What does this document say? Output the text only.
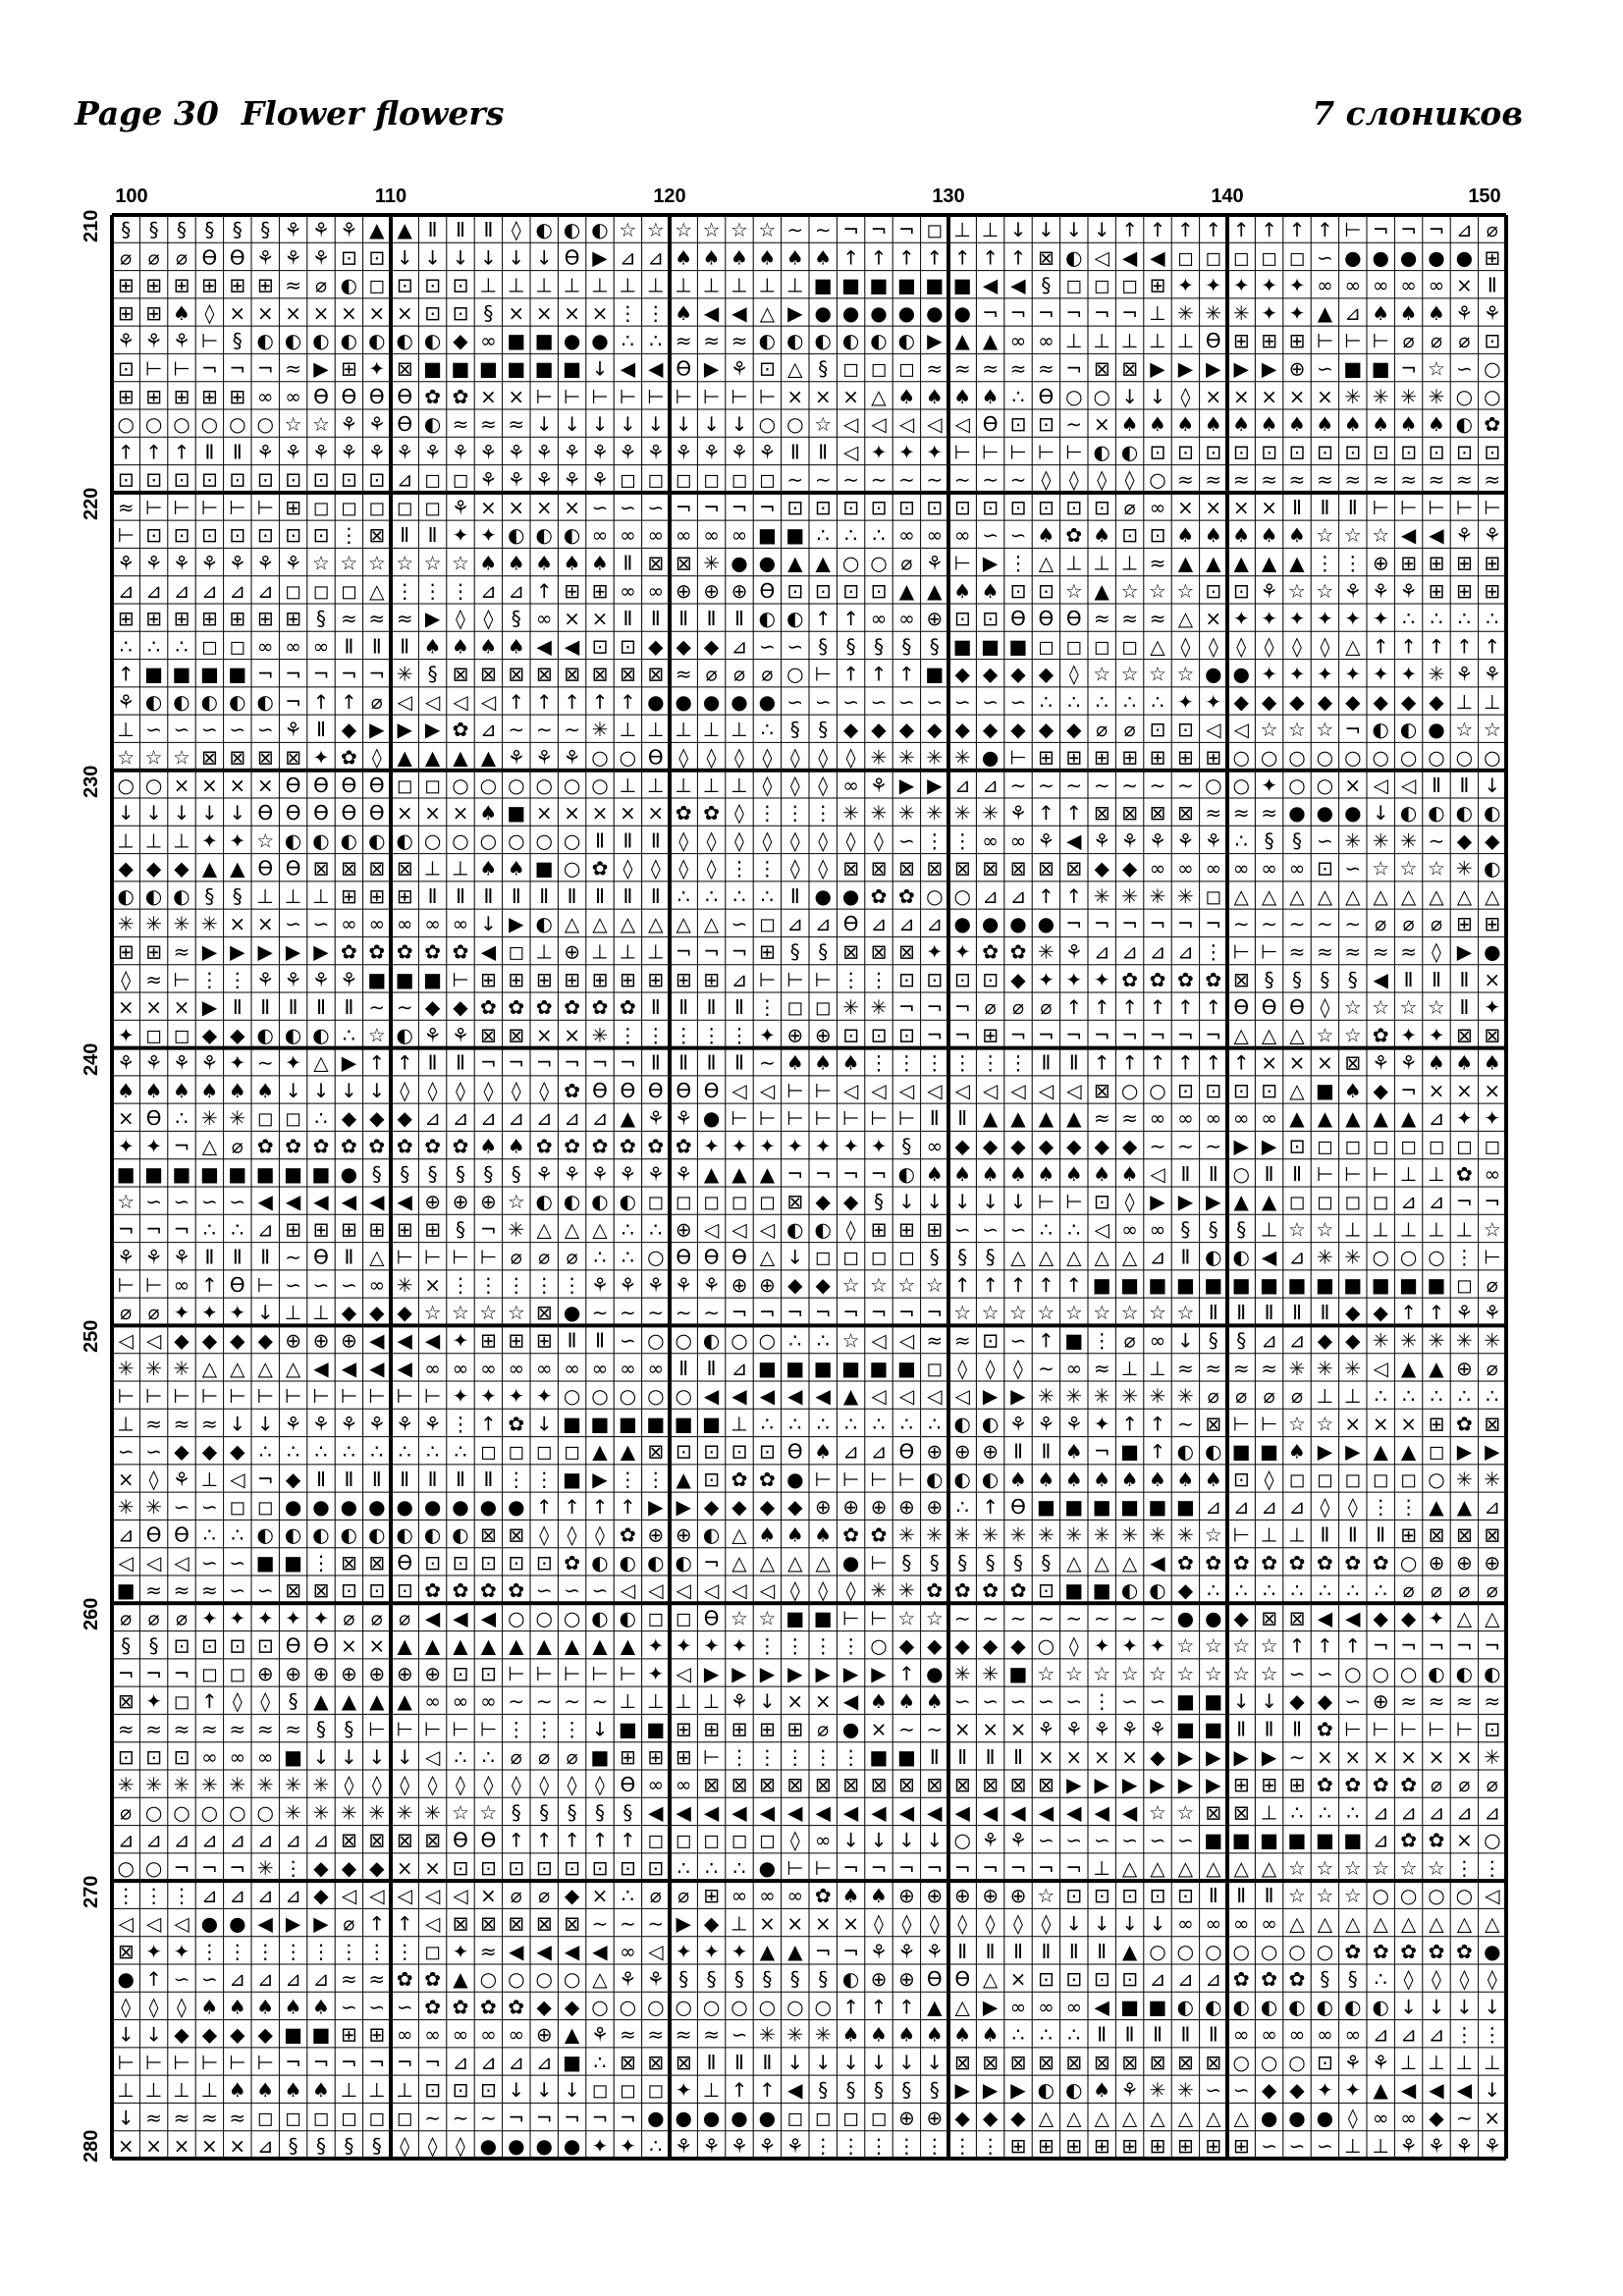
Page 30  Flower flowers	7 слоников
100	110	120	130	140	150
210
220
230
240
250
260
270
280
§ § § § § § ⚘ ⚘ ⚘ ▲ ▲ Ⅱ Ⅱ Ⅱ ◊ ◐ ◐ ◐ ☆ ☆ ☆ ☆ ☆ ☆ ∼ ∼ ¬ ¬ ¬ ◻ ⊥ ⊥ ↓ ↓ ↓ ↓ ↑ ↑ ↑ ↑ ↑ ↑ ↑ ↑ ⊢ ¬ ¬ ¬ ⊿ ⌀
⌀ ⌀ ⌀ Ɵ Ɵ ⚘ ⚘ ⚘ ⊡ ⊡ ↓ ↓ ↓ ↓ ↓ ↓ Ɵ ▶ ⊿ ⊿ ♠ ♠ ♠ ♠ ♠ ♠ ↑ ↑ ↑ ↑ ↑ ↑ ↑ ⊠ ◐ ◁ ◀ ◀ ◻ ◻ ◻ ◻ ◻ ∽ ● ● ● ● ● ⊞
⊞ ⊞ ⊞ ⊞ ⊞ ⊞ ≈ ⌀ ◐ ◻ ⊡ ⊡ ⊡ ⊥ ⊥ ⊥ ⊥ ⊥ ⊥ ⊥ ⊥ ⊥ ⊥ ⊥ ⊥ ■ ■ ■ ■ ■ ■ ◀ ◀ § ◻ ◻ ◻ ⊞ ✦ ✦ ✦ ✦ ✦ ∞ ∞ ∞ ∞ ∞ × Ⅱ
⊞ ⊞ ♠ ◊ × × × × × × × ⊡ ⊡ § × × × × ⋮ ⋮ ♠ ◀ ◀ △ ▶ ● ● ● ● ● ● ¬ ¬ ¬ ¬ ¬ ¬ ⊥ ✳ ✳ ✳ ✦ ✦ ▲ ⊿ ♠ ♠ ♠ ⚘ ⚘
⚘ ⚘ ⚘ ⊢ § ◐ ◐ ◐ ◐ ◐ ◐ ◐ ◆ ∞ ■ ■ ● ● ∴ ∴ ≈ ≈ ≈ ◐ ◐ ◐ ◐ ◐ ◐ ▶ ▲ ▲ ∞ ∞ ⊥ ⊥ ⊥ ⊥ ⊥ Ɵ ⊞ ⊞ ⊞ ⊢ ⊢ ⊢ ⌀ ⌀ ⌀ ⊡
⊡ ⊢ ⊢ ¬ ¬ ¬ ≈ ▶ ⊞ ✦ ⊠ ■ ■ ■ ■ ■ ■ ↓ ◀ ◀ Ɵ ▶ ⚘ ⊡ △ § ◻ ◻ ◻ ≈ ≈ ≈ ≈ ≈ ¬ ⊠ ⊠ ▶ ▶ ▶ ▶ ▶ ⊕ ∽ ■ ■ ¬ ☆ ∽ ○
⊞ ⊞ ⊞ ⊞ ⊞ ∞ ∞ Ɵ Ɵ Ɵ Ɵ ✿ ✿ × × ⊢ ⊢ ⊢ ⊢ ⊢ ⊢ ⊢ ⊢ ⊢ × × × △ ♠ ♠ ♠ ♠ ∴ Ɵ ○ ○ ↓ ↓ ◊ × × × × × ✳ ✳ ✳ ✳ ○ ○
○ ○ ○ ○ ○ ○ ☆ ☆ ⚘ ⚘ Ɵ ◐ ≈ ≈ ≈ ↓ ↓ ↓ ↓ ↓ ↓ ↓ ↓ ○ ○ ☆ ◁ ◁ ◁ ◁ ◁ Ɵ ⊡ ⊡ ∼ × ♠ ♠ ♠ ♠ ♠ ♠ ♠ ♠ ♠ ♠ ♠ ♠ ◐ ✿
↑ ↑ ↑ Ⅱ Ⅱ ⚘ ⚘ ⚘ ⚘ ⚘ ⚘ ⚘ ⚘ ⚘ ⚘ ⚘ ⚘ ⚘ ⚘ ⚘ ⚘ ⚘ ⚘ ⚘ Ⅱ Ⅱ ◁ ✦ ✦ ✦ ⊢ ⊢ ⊢ ⊢ ⊢ ◐ ◐ ⊡ ⊡ ⊡ ⊡ ⊡ ⊡ ⊡ ⊡ ⊡ ⊡ ⊡ ⊡ ⊡
⊡ ⊡ ⊡ ⊡ ⊡ ⊡ ⊡ ⊡ ⊡ ⊡ ⊿ ◻ ◻ ⚘ ⚘ ⚘ ⚘ ⚘ ◻ ◻ ◻ ◻ ◻ ◻ ∼ ∼ ∼ ∼ ∼ ∼ ∼ ∼ ∼ ◊ ◊ ◊ ◊ ○ ≈ ≈ ≈ ≈ ≈ ≈ ≈ ≈ ≈ ≈ ≈ ≈
≈ ⊢ ⊢ ⊢ ⊢ ⊢ ⊞ ◻ ◻ ◻ ◻ ◻ ⚘ × × × × ∽ ∽ ∽ ¬ ¬ ¬ ¬ ⊡ ⊡ ⊡ ⊡ ⊡ ⊡ ⊡ ⊡ ⊡ ⊡ ⊡ ⊡ ⌀ ∞ × × × × Ⅱ Ⅱ Ⅱ ⊢ ⊢ ⊢ ⊢ ⊢
⊢ ⊡ ⊡ ⊡ ⊡ ⊡ ⊡ ⊡ ⋮ ⊠ Ⅱ Ⅱ ✦ ✦ ◐ ◐ ◐ ∞ ∞ ∞ ∞ ∞ ∞ ■ ■ ∴ ∴ ∴ ∞ ∞ ∞ ∽ ∽ ♠ ✿ ♠ ⊡ ⊡ ♠ ♠ ♠ ♠ ♠ ☆ ☆ ☆ ◀ ◀ ⚘ ⚘
⚘ ⚘ ⚘ ⚘ ⚘ ⚘ ⚘ ☆ ☆ ☆ ☆ ☆ ☆ ♠ ♠ ♠ ♠ ♠ Ⅱ ⊠ ⊠ ✳ ● ● ▲ ▲ ○ ○ ⌀ ⚘ ⊢ ▶ ⋮ △ ⊥ ⊥ ⊥ ≈ ▲ ▲ ▲ ▲ ▲ ⋮ ⋮ ⊕ ⊞ ⊞ ⊞ ⊞
⊿ ⊿ ⊿ ⊿ ⊿ ⊿ ◻ ◻ ◻ △ ⋮ ⋮ ⋮ ⊿ ⊿ ↑ ⊞ ⊞ ∞ ∞ ⊕ ⊕ ⊕ Ɵ ⊡ ⊡ ⊡ ⊡ ▲ ▲ ♠ ♠ ⊡ ⊡ ☆ ▲ ☆ ☆ ☆ ⊡ ⊡ ⚘ ☆ ☆ ⚘ ⚘ ⚘ ⊞ ⊞ ⊞
⊞ ⊞ ⊞ ⊞ ⊞ ⊞ ⊞ § ≈ ≈ ≈ ▶ ◊ ◊ § ∞ × × Ⅱ Ⅱ Ⅱ Ⅱ Ⅱ ◐ ◐ ↑ ↑ ∞ ∞ ⊕ ⊡ ⊡ Ɵ Ɵ Ɵ ≈ ≈ ≈ △ × ✦ ✦ ✦ ✦ ✦ ✦ ∴ ∴ ∴ ∴
∴ ∴ ∴ ◻ ◻ ∞ ∞ ∞ Ⅱ Ⅱ Ⅱ ♠ ♠ ♠ ♠ ◀ ◀ ⊡ ⊡ ◆ ◆ ◆ ⊿ ∽ ∽ § § § § § ■ ■ ■ ◻ ◻ ◻ ◻ △ ◊ ◊ ◊ ◊ ◊ ◊ △ ↑ ↑ ↑ ↑ ↑
↑ ■ ■ ■ ■ ¬ ¬ ¬ ¬ ¬ ✳ § ⊠ ⊠ ⊠ ⊠ ⊠ ⊠ ⊠ ⊠ ≈ ⌀ ⌀ ⌀ ○ ⊢ ↑ ↑ ↑ ■ ◆ ◆ ◆ ◆ ◊ ☆ ☆ ☆ ☆ ● ● ✦ ✦ ✦ ✦ ✦ ✦ ✳ ⚘ ⚘
⚘ ◐ ◐ ◐ ◐ ◐ ¬ ↑ ↑ ⌀ ◁ ◁ ◁ ◁ ↑ ↑ ↑ ↑ ↑ ● ● ● ● ● ∽ ∽ ∽ ∽ ∽ ∽ ∽ ∽ ∽ ∴ ∴ ∴ ∴ ∴ ✦ ✦ ◆ ◆ ◆ ◆ ◆ ◆ ◆ ◆ ⊥ ⊥
⊥ ∽ ∽ ∽ ∽ ∽ ⚘ Ⅱ ◆ ▶ ▶ ▶ ✿ ⊿ ∼ ∼ ∼ ✳ ⊥ ⊥ ⊥ ⊥ ⊥ ∴ § § ◆ ◆ ◆ ◆ ◆ ◆ ◆ ◆ ◆ ⌀ ⌀ ⊡ ⊡ ◁ ◁ ☆ ☆ ☆ ¬ ◐ ◐ ● ☆ ☆
☆ ☆ ☆ ⊠ ⊠ ⊠ ⊠ ✦ ✿ ◊ ▲ ▲ ▲ ▲ ⚘ ⚘ ⚘ ○ ○ Ɵ ◊ ◊ ◊ ◊ ◊ ◊ ◊ ✳ ✳ ✳ ✳ ● ⊢ ⊞ ⊞ ⊞ ⊞ ⊞ ⊞ ⊞ ○ ○ ○ ○ ○ ○ ○ ○ ○ ○
○ ○ × × × × Ɵ Ɵ Ɵ Ɵ ◻ ◻ ○ ○ ○ ○ ○ ○ ⊥ ⊥ ⊥ ⊥ ⊥ ◊ ◊ ◊ ∞ ⚘ ▶ ▶ ⊿ ⊿ ∼ ∼ ∼ ∼ ∼ ∼ ∼ ○ ○ ✦ ○ ○ × ◁ ◁ Ⅱ Ⅱ ↓
↓ ↓ ↓ ↓ ↓ Ɵ Ɵ Ɵ Ɵ Ɵ × × × ♠ ■ × × × × × ✿ ✿ ◊ ⋮ ⋮ ⋮ ✳ ✳ ✳ ✳ ✳ ✳ ⚘ ↑ ↑ ⊠ ⊠ ⊠ ⊠ ≈ ≈ ≈ ● ● ● ↓ ◐ ◐ ◐ ◐
⊥ ⊥ ⊥ ✦ ✦ ☆ ◐ ◐ ◐ ◐ ◐ ○ ○ ○ ○ ○ ○ Ⅱ Ⅱ Ⅱ ◊ ◊ ◊ ◊ ◊ ◊ ◊ ◊ ∽ ⋮ ⋮ ∞ ∞ ⚘ ◀ ⚘ ⚘ ⚘ ⚘ ⚘ ∴ § § ∽ ✳ ✳ ✳ ∼ ◆ ◆
◆ ◆ ◆ ▲ ▲ Ɵ Ɵ ⊠ ⊠ ⊠ ⊠ ⊥ ⊥ ♠ ♠ ■ ○ ✿ ◊ ◊ ◊ ◊ ⋮ ⋮ ◊ ◊ ⊠ ⊠ ⊠ ⊠ ⊠ ⊠ ⊠ ⊠ ⊠ ◆ ◆ ∞ ∞ ∞ ∞ ∞ ∞ ⊡ ∽ ☆ ☆ ☆ ✳ ◐
◐ ◐ ◐ § § ⊥ ⊥ ⊥ ⊞ ⊞ ⊞ Ⅱ Ⅱ Ⅱ Ⅱ Ⅱ Ⅱ Ⅱ Ⅱ Ⅱ ∴ ∴ ∴ ∴ Ⅱ ● ● ✿ ✿ ○ ○ ⊿ ⊿ ↑ ↑ ✳ ✳ ✳ ✳ ◻ △ △ △ △ △ △ △ △ △ △
✳ ✳ ✳ ✳ × × ∽ ∽ ∞ ∞ ∞ ∞ ∞ ↓ ▶ ◐ △ △ △ △ △ △ ∽ ◻ ⊿ ⊿ Ɵ ⊿ ⊿ ⊿ ● ● ● ● ¬ ¬ ¬ ¬ ¬ ¬ ∼ ∼ ∼ ∼ ∼ ⌀ ⌀ ⌀ ⊞ ⊞
⊞ ⊞ ≈ ▶ ▶ ▶ ▶ ▶ ✿ ✿ ✿ ✿ ✿ ◀ ◻ ⊥ ⊕ ⊥ ⊥ ⊥ ¬ ¬ ¬ ⊞ § § ⊠ ⊠ ⊠ ✦ ✦ ✿ ✿ ✳ ⚘ ⊿ ⊿ ⊿ ⊿ ⋮ ⊢ ⊢ ≈ ≈ ≈ ≈ ≈ ◊ ▶ ●
◊ ≈ ⊢ ⋮ ⋮ ⚘ ⚘ ⚘ ⚘ ■ ■ ■ ⊢ ⊞ ⊞ ⊞ ⊞ ⊞ ⊞ ⊞ ⊞ ⊞ ⊿ ⊢ ⊢ ⊢ ⋮ ⋮ ⊡ ⊡ ⊡ ⊡ ◆ ✦ ✦ ✦ ✿ ✿ ✿ ✿ ⊠ § § § § ◀ Ⅱ Ⅱ Ⅱ ×
× × × ▶ Ⅱ Ⅱ Ⅱ Ⅱ Ⅱ ∼ ∼ ◆ ◆ ✿ ✿ ✿ ✿ ✿ ✿ Ⅱ Ⅱ Ⅱ Ⅱ ⋮ ◻ ◻ ✳ ✳ ¬ ¬ ¬ ⌀ ⌀ ⌀ ↑ ↑ ↑ ↑ ↑ ↑ Ɵ Ɵ Ɵ ◊ ☆ ☆ ☆ ☆ Ⅱ ✦
✦ ◻ ◻ ◆ ◆ ◐ ◐ ◐ ∴ ☆ ◐ ⚘ ⚘ ⊠ ⊠ × × ✳ ⋮ ⋮ ⋮ ⋮ ⋮ ✦ ⊕ ⊕ ⊡ ⊡ ⊡ ¬ ¬ ⊞ ¬ ¬ ¬ ¬ ¬ ¬ ¬ ¬ △ △ △ ☆ ☆ ✿ ✦ ✦ ⊠ ⊠
⚘ ⚘ ⚘ ⚘ ✦ ∼ ✦ △ ▶ ↑ ↑ Ⅱ Ⅱ ¬ ¬ ¬ ¬ ¬ ¬ Ⅱ Ⅱ Ⅱ Ⅱ ∼ ♠ ♠ ♠ ⋮ ⋮ ⋮ ⋮ ⋮ ⋮ Ⅱ Ⅱ ↑ ↑ ↑ ↑ ↑ ↑ × × × ⊠ ⚘ ⚘ ♠ ♠ ♠
♠ ♠ ♠ ♠ ♠ ♠ ↓ ↓ ↓ ↓ ◊ ◊ ◊ ◊ ◊ ◊ ✿ Ɵ Ɵ Ɵ Ɵ Ɵ ◁ ◁ ⊢ ⊢ ◁ ◁ ◁ ◁ ◁ ◁ ◁ ◁ ◁ ⊠ ○ ○ ⊡ ⊡ ⊡ ⊡ △ ■ ♠ ◆ ¬ × × ×
× Ɵ ∴ ✳ ✳ ◻ ◻ ∴ ◆ ◆ ◆ ⊿ ⊿ ⊿ ⊿ ⊿ ⊿ ⊿ ▲ ⚘ ⚘ ● ⊢ ⊢ ⊢ ⊢ ⊢ ⊢ ⊢ Ⅱ Ⅱ ▲ ▲ ▲ ▲ ≈ ≈ ∞ ∞ ∞ ∞ ∞ ▲ ▲ ▲ ▲ ▲ ⊿ ✦ ✦
✦ ✦ ¬ △ ⌀ ✿ ✿ ✿ ✿ ✿ ✿ ✿ ✿ ♠ ♠ ✿ ✿ ✿ ✿ ✿ ✿ ✦ ✦ ✦ ✦ ✦ ✦ ✦ § ∞ ◆ ◆ ◆ ◆ ◆ ◆ ◆ ∼ ∼ ∼ ▶ ▶ ⊡ ◻ ◻ ◻ ◻ ◻ ◻ ◻
■ ■ ■ ■ ■ ■ ■ ■ ● § § § § § § ⚘ ⚘ ⚘ ⚘ ⚘ ⚘ ▲ ▲ ▲ ¬ ¬ ¬ ¬ ◐ ♠ ♠ ♠ ♠ ♠ ♠ ♠ ♠ ◁ Ⅱ Ⅱ ○ Ⅱ Ⅱ ⊢ ⊢ ⊢ ⊥ ⊥ ✿ ∞
☆ ∽ ∽ ∽ ∽ ◀ ◀ ◀ ◀ ◀ ◀ ⊕ ⊕ ⊕ ☆ ◐ ◐ ◐ ◐ ◻ ◻ ◻ ◻ ◻ ⊠ ◆ ◆ § ↓ ↓ ↓ ↓ ↓ ⊢ ⊢ ⊡ ◊ ▶ ▶ ▶ ▲ ▲ ◻ ◻ ◻ ◻ ⊿ ⊿ ¬ ¬
¬ ¬ ¬ ∴ ∴ ⊿ ⊞ ⊞ ⊞ ⊞ ⊞ ⊞ § ¬ ✳ △ △ △ ∴ ∴ ⊕ ◁ ◁ ◁ ◐ ◐ ◊ ⊞ ⊞ ⊞ ∽ ∽ ∽ ∴ ∴ ◁ ∞ ∞ § § § ⊥ ☆ ☆ ⊥ ⊥ ⊥ ⊥ ⊥ ☆
⚘ ⚘ ⚘ Ⅱ Ⅱ Ⅱ ∼ Ɵ Ⅱ △ ⊢ ⊢ ⊢ ⊢ ⌀ ⌀ ⌀ ∴ ∴ ○ Ɵ Ɵ Ɵ △ ↓ ◻ ◻ ◻ ◻ § § § △ △ △ △ △ ⊿ Ⅱ ◐ ◐ ◀ ⊿ ✳ ✳ ○ ○ ○ ⋮ ⊢
⊢ ⊢ ∞ ↑ Ɵ ⊢ ∽ ∽ ∽ ∞ ✳ × ⋮ ⋮ ⋮ ⋮ ⋮ ⚘ ⚘ ⚘ ⚘ ⚘ ⊕ ⊕ ◆ ◆ ☆ ☆ ☆ ☆ ↑ ↑ ↑ ↑ ↑ ■ ■ ■ ■ ■ ■ ■ ■ ■ ■ ■ ■ ■ ◻ ⌀
⌀ ⌀ ✦ ✦ ✦ ↓ ⊥ ⊥ ◆ ◆ ◆ ☆ ☆ ☆ ☆ ⊠ ● ∼ ∼ ∼ ∼ ∼ ¬ ¬ ¬ ¬ ¬ ¬ ¬ ¬ ☆ ☆ ☆ ☆ ☆ ☆ ☆ ☆ ☆ Ⅱ Ⅱ Ⅱ Ⅱ Ⅱ ◆ ◆ ↑ ↑ ⚘ ⚘
◁ ◁ ◆ ◆ ◆ ◆ ⊕ ⊕ ⊕ ◀ ◀ ◀ ✦ ⊞ ⊞ ⊞ Ⅱ Ⅱ ∽ ○ ○ ◐ ○ ○ ∴ ∴ ☆ ◁ ◁ ≈ ≈ ⊡ ∽ ↑ ■ ⋮ ⌀ ∞ ↓ § § ⊿ ⊿ ◆ ◆ ✳ ✳ ✳ ✳ ✳
✳ ✳ ✳ △ △ △ △ ◀ ◀ ◀ ◀ ∞ ∞ ∞ ∞ ∞ ∞ ∞ ∞ ∞ Ⅱ Ⅱ ⊿ ■ ■ ■ ■ ■ ■ ◻ ◊ ◊ ◊ ∼ ∞ ≈ ⊥ ⊥ ≈ ≈ ≈ ≈ ✳ ✳ ✳ ◁ ▲ ▲ ⊕ ⌀
⊢ ⊢ ⊢ ⊢ ⊢ ⊢ ⊢ ⊢ ⊢ ⊢ ⊢ ⊢ ✦ ✦ ✦ ✦ ○ ○ ○ ○ ○ ◀ ◀ ◀ ◀ ◀ ▲ ◁ ◁ ◁ ◁ ▶ ▶ ✳ ✳ ✳ ✳ ✳ ✳ ⌀ ⌀ ⌀ ⌀ ⊥ ⊥ ∴ ∴ ∴ ∴ ∴
⊥ ≈ ≈ ≈ ↓ ↓ ⚘ ⚘ ⚘ ⚘ ⚘ ⚘ ⋮ ↑ ✿ ↓ ■ ■ ■ ■ ■ ■ ⊥ ∴ ∴ ∴ ∴ ∴ ∴ ∴ ◐ ◐ ⚘ ⚘ ⚘ ✦ ↑ ↑ ∼ ⊠ ⊢ ⊢ ☆ ☆ × × × ⊞ ✿ ⊠
∽ ∽ ◆ ◆ ◆ ∴ ∴ ∴ ∴ ∴ ∴ ∴ ∴ ◻ ◻ ◻ ◻ ▲ ▲ ⊠ ⊡ ⊡ ⊡ ⊡ Ɵ ♠ ⊿ ⊿ Ɵ ⊕ ⊕ ⊕ Ⅱ Ⅱ ♠ ¬ ■ ↑ ◐ ◐ ■ ■ ♠ ▶ ▶ ▲ ▲ ◻ ▶ ▶
× ◊ ⚘ ⊥ ◁ ¬ ◆ Ⅱ Ⅱ Ⅱ Ⅱ Ⅱ Ⅱ Ⅱ ⋮ ⋮ ■ ▶ ⋮ ⋮ ▲ ⊡ ✿ ✿ ● ⊢ ⊢ ⊢ ⊢ ◐ ◐ ◐ ♠ ♠ ♠ ♠ ♠ ♠ ♠ ♠ ⊡ ◊ ◻ ◻ ◻ ◻ ◻ ○ ✳ ✳
✳ ✳ ∽ ∽ ◻ ◻ ● ● ● ● ● ● ● ● ● ↑ ↑ ↑ ↑ ▶ ▶ ◆ ◆ ◆ ◆ ⊕ ⊕ ⊕ ⊕ ⊕ ∴ ↑ Ɵ ■ ■ ■ ■ ■ ■ ⊿ ⊿ ⊿ ⊿ ◊ ◊ ⋮ ⋮ ▲ ▲ ⊿
⊿ Ɵ Ɵ ∴ ∴ ◐ ◐ ◐ ◐ ◐ ◐ ◐ ◐ ⊠ ⊠ ◊ ◊ ◊ ✿ ⊕ ⊕ ◐ △ ♠ ♠ ♠ ✿ ✿ ✳ ✳ ✳ ✳ ✳ ✳ ✳ ✳ ✳ ✳ ✳ ☆ ⊢ ⊥ ⊥ Ⅱ Ⅱ Ⅱ ⊞ ⊠ ⊠ ⊠
◁ ◁ ◁ ∽ ∽ ■ ■ ⋮ ⊠ ⊠ Ɵ ⊡ ⊡ ⊡ ⊡ ⊡ ✿ ◐ ◐ ◐ ◐ ¬ △ △ △ △ ● ⊢ § § § § § § △ △ △ ◀ ✿ ✿ ✿ ✿ ✿ ✿ ✿ ✿ ○ ⊕ ⊕ ⊕
■ ≈ ≈ ≈ ∽ ∽ ⊠ ⊠ ⊡ ⊡ ⊡ ✿ ✿ ✿ ✿ ∽ ∽ ∽ ◁ ◁ ◁ ◁ ◁ ◁ ◊ ◊ ◊ ✳ ✳ ✿ ✿ ✿ ✿ ⊡ ■ ■ ◐ ◐ ◆ ∴ ∴ ∴ ∴ ∴ ∴ ∴ ⌀ ⌀ ⌀ ⌀
⌀ ⌀ ⌀ ✦ ✦ ✦ ✦ ✦ ⌀ ⌀ ⌀ ◀ ◀ ◀ ○ ○ ○ ◐ ◐ ◻ ◻ Ɵ ☆ ☆ ■ ■ ⊢ ⊢ ☆ ☆ ∼ ∼ ∼ ∼ ∼ ∼ ∼ ∼ ● ● ◆ ⊠ ⊠ ◀ ◀ ◆ ◆ ✦ △ △
§ § ⊡ ⊡ ⊡ ⊡ Ɵ Ɵ × × ▲ ▲ ▲ ▲ ▲ ▲ ▲ ▲ ▲ ✦ ✦ ✦ ✦ ⋮ ⋮ ⋮ ⋮ ○ ◆ ◆ ◆ ◆ ◆ ○ ◊ ✦ ✦ ✦ ☆ ☆ ☆ ☆ ↑ ↑ ↑ ¬ ¬ ¬ ¬ ¬
¬ ¬ ¬ ◻ ◻ ⊕ ⊕ ⊕ ⊕ ⊕ ⊕ ⊕ ⊡ ⊡ ⊢ ⊢ ⊢ ⊢ ⊢ ✦ ◁ ▶ ▶ ▶ ▶ ▶ ▶ ▶ ↑ ● ✳ ✳ ■ ☆ ☆ ☆ ☆ ☆ ☆ ☆ ☆ ☆ ∽ ∽ ○ ○ ○ ◐ ◐ ◐
⊠ ✦ ◻ ↑ ◊ ◊ § ▲ ▲ ▲ ▲ ∞ ∞ ∞ ∼ ∼ ∼ ∼ ⊥ ⊥ ⊥ ⊥ ⚘ ↓ × × ◀ ♠ ♠ ♠ ∽ ∽ ∽ ∽ ∽ ⋮ ∽ ∽ ■ ■ ↓ ↓ ◆ ◆ ∽ ⊕ ≈ ≈ ≈ ≈
≈ ≈ ≈ ≈ ≈ ≈ ≈ § § ⊢ ⊢ ⊢ ⊢ ⊢ ⋮ ⋮ ⋮ ↓ ■ ■ ⊞ ⊞ ⊞ ⊞ ⊞ ⌀ ● × ∼ ∼ × × × ⚘ ⚘ ⚘ ⚘ ⚘ ■ ■ Ⅱ Ⅱ Ⅱ ✿ ⊢ ⊢ ⊢ ⊢ ⊢ ⊡
⊡ ⊡ ⊡ ∞ ∞ ∞ ■ ↓ ↓ ↓ ↓ ◁ ∴ ∴ ⌀ ⌀ ⌀ ■ ⊞ ⊞ ⊞ ⊢ ⋮ ⋮ ⋮ ⋮ ⋮ ■ ■ Ⅱ Ⅱ Ⅱ Ⅱ × × × × ◆ ▶ ▶ ▶ ▶ ∼ × × × × × × ✳
✳ ✳ ✳ ✳ ✳ ✳ ✳ ✳ ◊ ◊ ◊ ◊ ◊ ◊ ◊ ◊ ◊ ◊ Ɵ ∞ ∞ ⊠ ⊠ ⊠ ⊠ ⊠ ⊠ ⊠ ⊠ ⊠ ⊠ ⊠ ⊠ ⊠ ▶ ▶ ▶ ▶ ▶ ▶ ⊞ ⊞ ⊞ ✿ ✿ ✿ ✿ ⌀ ⌀ ⌀
⌀ ○ ○ ○ ○ ○ ✳ ✳ ✳ ✳ ✳ ✳ ☆ ☆ § § § § § ◀ ◀ ◀ ◀ ◀ ◀ ◀ ◀ ◀ ◀ ◀ ◀ ◀ ◀ ◀ ◀ ◀ ◀ ☆ ☆ ⊠ ⊠ ⊥ ∴ ∴ ∴ ⊿ ⊿ ⊿ ⊿ ⊿
⊿ ⊿ ⊿ ⊿ ⊿ ⊿ ⊿ ⊿ ⊠ ⊠ ⊠ ⊠ Ɵ Ɵ ↑ ↑ ↑ ↑ ↑ ◻ ◻ ◻ ◻ ◻ ◊ ∞ ↓ ↓ ↓ ↓ ○ ⚘ ⚘ ∽ ∽ ∽ ∽ ∽ ∽ ■ ■ ■ ■ ■ ■ ⊿ ✿ ✿ × ○
○ ○ ¬ ¬ ¬ ✳ ⋮ ◆ ◆ ◆ × × ⊡ ⊡ ⊡ ⊡ ⊡ ⊡ ⊡ ⊡ ∴ ∴ ∴ ● ⊢ ⊢ ¬ ¬ ¬ ¬ ¬ ¬ ¬ ¬ ¬ ⊥ △ △ △ △ △ △ ☆ ☆ ☆ ☆ ☆ ☆ ⋮ ⋮
⋮ ⋮ ⋮ ⊿ ⊿ ⊿ ⊿ ◆ ◁ ◁ ◁ ◁ ◁ × ⌀ ⌀ ◆ × ∴ ⌀ ⌀ ⊞ ∞ ∞ ∞ ✿ ♠ ♠ ⊕ ⊕ ⊕ ⊕ ⊕ ☆ ⊡ ⊡ ⊡ ⊡ ⊡ Ⅱ Ⅱ Ⅱ ☆ ☆ ☆ ○ ○ ○ ○ ◁
◁ ◁ ◁ ● ● ◀ ▶ ▶ ⌀ ↑ ↑ ◁ ⊠ ⊠ ⊠ ⊠ ⊠ ∼ ∼ ∼ ▶ ◆ ⊥ × × × × ◊ ◊ ◊ ◊ ◊ ◊ ◊ ↓ ↓ ↓ ↓ ∞ ∞ ∞ ∞ △ △ △ △ △ △ △ △
⊠ ✦ ✦ ⋮ ⋮ ⋮ ⋮ ⋮ ⋮ ⋮ ⋮ ◻ ✦ ≈ ◀ ◀ ◀ ◀ ∞ ◁ ✦ ✦ ✦ ▲ ▲ ¬ ¬ ⚘ ⚘ ⚘ Ⅱ Ⅱ Ⅱ Ⅱ Ⅱ Ⅱ ▲ ○ ○ ○ ○ ○ ○ ○ ✿ ✿ ✿ ✿ ✿ ●
● ↑ ∽ ∽ ⊿ ⊿ ⊿ ⊿ ≈ ≈ ✿ ✿ ▲ ○ ○ ○ ○ △ ⚘ ⚘ § § § § § § ◐ ⊕ ⊕ Ɵ Ɵ △ × ⊡ ⊡ ⊡ ⊡ ⊿ ⊿ ⊿ ✿ ✿ ✿ § § ∴ ◊ ◊ ◊ ◊
◊ ◊ ◊ ♠ ♠ ♠ ♠ ♠ ∽ ∽ ∽ ✿ ✿ ✿ ✿ ◆ ◆ ○ ○ ○ ○ ○ ○ ○ ○ ○ ↑ ↑ ↑ ▲ △ ▶ ∞ ∞ ∞ ◀ ■ ■ ◐ ◐ ◐ ◐ ◐ ◐ ◐ ◐ ↓ ↓ ↓ ↓
↓ ↓ ◆ ◆ ◆ ◆ ■ ■ ⊞ ⊞ ∞ ∞ ∞ ∞ ∞ ⊕ ▲ ⚘ ≈ ≈ ≈ ≈ ∽ ✳ ✳ ✳ ♠ ♠ ♠ ♠ ♠ ♠ ∴ ∴ ∴ Ⅱ Ⅱ Ⅱ Ⅱ Ⅱ ∞ ∞ ∞ ∞ ∞ ⊿ ⊿ ⊿ ⋮ ⋮
⊢ ⊢ ⊢ ⊢ ⊢ ⊢ ¬ ¬ ¬ ¬ ¬ ¬ ⊿ ⊿ ⊿ ⊿ ■ ∴ ⊠ ⊠ ⊠ Ⅱ Ⅱ Ⅱ ↓ ↓ ↓ ↓ ↓ ↓ ⊠ ⊠ ⊠ ⊠ ⊠ ⊠ ⊠ ⊠ ⊠ ⊠ ○ ○ ○ ⊡ ⚘ ⚘ ⊥ ⊥ ⊥ ⊥
⊥ ⊥ ⊥ ⊥ ♠ ♠ ♠ ♠ ⊥ ⊥ ⊥ ⊡ ⊡ ⊡ ↓ ↓ ↓ ◻ ◻ ◻ ✦ ⊥ ↑ ↑ ◀ § § § § § ▶ ▶ ▶ ◐ ◐ ♠ ⚘ ✳ ✳ ∽ ∽ ◆ ◆ ✦ ✦ ▲ ◀ ◀ ◀ ↓
↓ ≈ ≈ ≈ ≈ ◻ ◻ ◻ ◻ ◻ ◻ ∼ ∼ ∼ ¬ ¬ ¬ ¬ ¬ ● ● ● ● ● ◻ ◻ ◻ ◻ ⊕ ⊕ ◆ ◆ ◆ △ △ △ △ △ △ △ △ ● ● ● ◊ ∞ ∞ ◆ ∼ ×
× × × × × ⊿ § § § § ◊ ◊ ◊ ● ● ● ● ✦ ✦ ∴ ⚘ ⚘ ⚘ ⚘ ⚘ ⋮ ⋮ ⋮ ⋮ ⋮ ⋮ ⋮ ⊞ ⊞ ⊞ ⊞ ⊞ ⊞ ⊞ ⊞ ⊞ ∽ ∽ ∽ ⊥ ⊥ ⚘ ⚘ ⚘ ⚘
